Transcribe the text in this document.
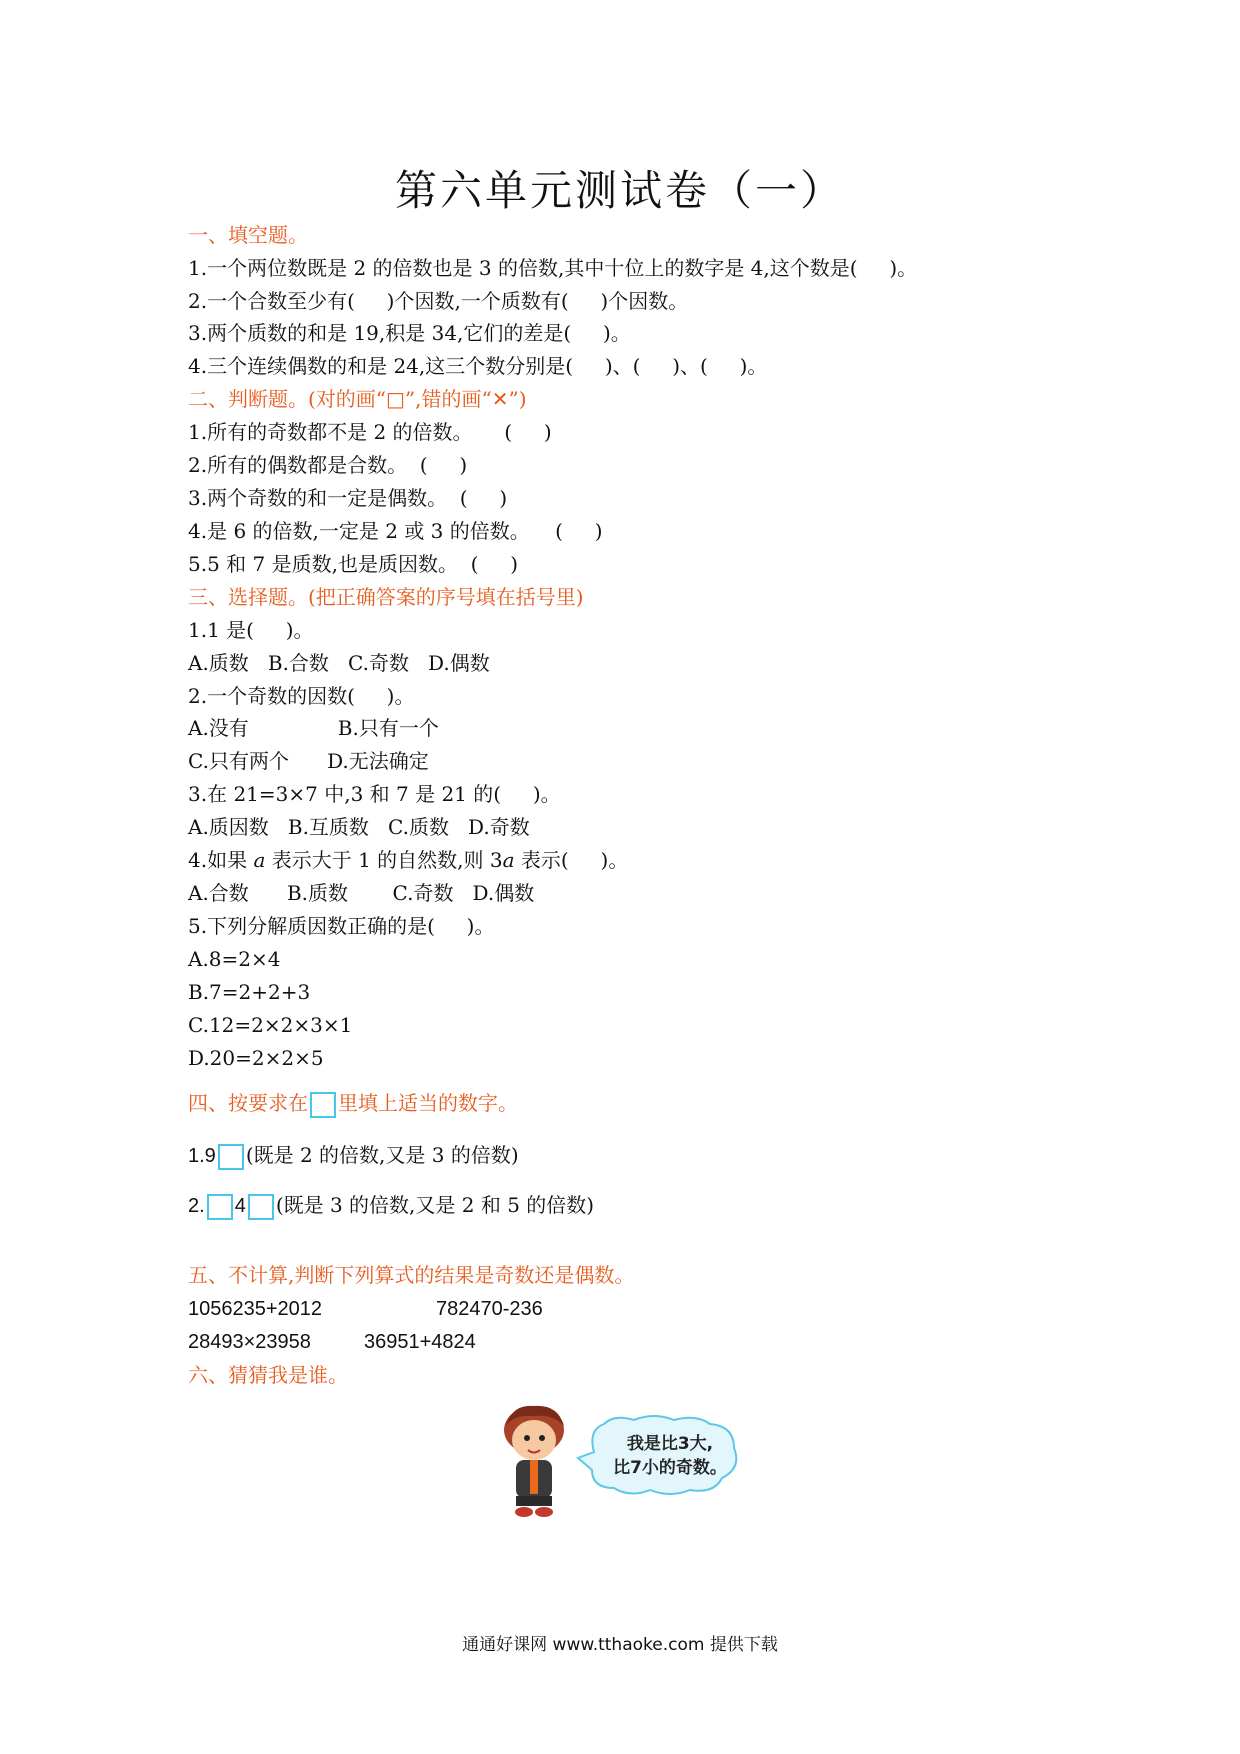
第六单元测试卷（一）
一、填空题。
1.一个两位数既是 2 的倍数也是 3 的倍数,其中十位上的数字是 4,这个数是(     )。
2.一个合数至少有(     )个因数,一个质数有(     )个因数。
3.两个质数的和是 19,积是 34,它们的差是(     )。
4.三个连续偶数的和是 24,这三个数分别是(     )、(     )、(     )。
二、判断题。(对的画“□”,错的画“✕”)
1.所有的奇数都不是 2 的倍数。     (     )
2.所有的偶数都是合数。  (     )
3.两个奇数的和一定是偶数。  (     )
4.是 6 的倍数,一定是 2 或 3 的倍数。    (     )
5.5 和 7 是质数,也是质因数。  (     )
三、选择题。(把正确答案的序号填在括号里)
1.1 是(     )。
A.质数   B.合数   C.奇数   D.偶数
2.一个奇数的因数(     )。
A.没有              B.只有一个
C.只有两个      D.无法确定
3.在 21=3×7 中,3 和 7 是 21 的(     )。
A.质因数   B.互质数   C.质数   D.奇数
4.如果 a 表示大于 1 的自然数,则 3a 表示(     )。
A.合数      B.质数       C.奇数   D.偶数
5.下列分解质因数正确的是(     )。
A.8=2×4
B.7=2+2+3
C.12=2×2×3×1
D.20=2×2×5
四、按要求在 里填上适当的数字。
1.9 (既是 2 的倍数,又是 3 的倍数)
2. 4 (既是 3 的倍数,又是 2 和 5 的倍数)
五、不计算,判断下列算式的结果是奇数还是偶数。
1056235+2012	782470-236
28493×23958	36951+4824
六、猜猜我是谁。
我是比3大,
比7小的奇数。
通通好课网 www.tthaoke.com 提供下载
